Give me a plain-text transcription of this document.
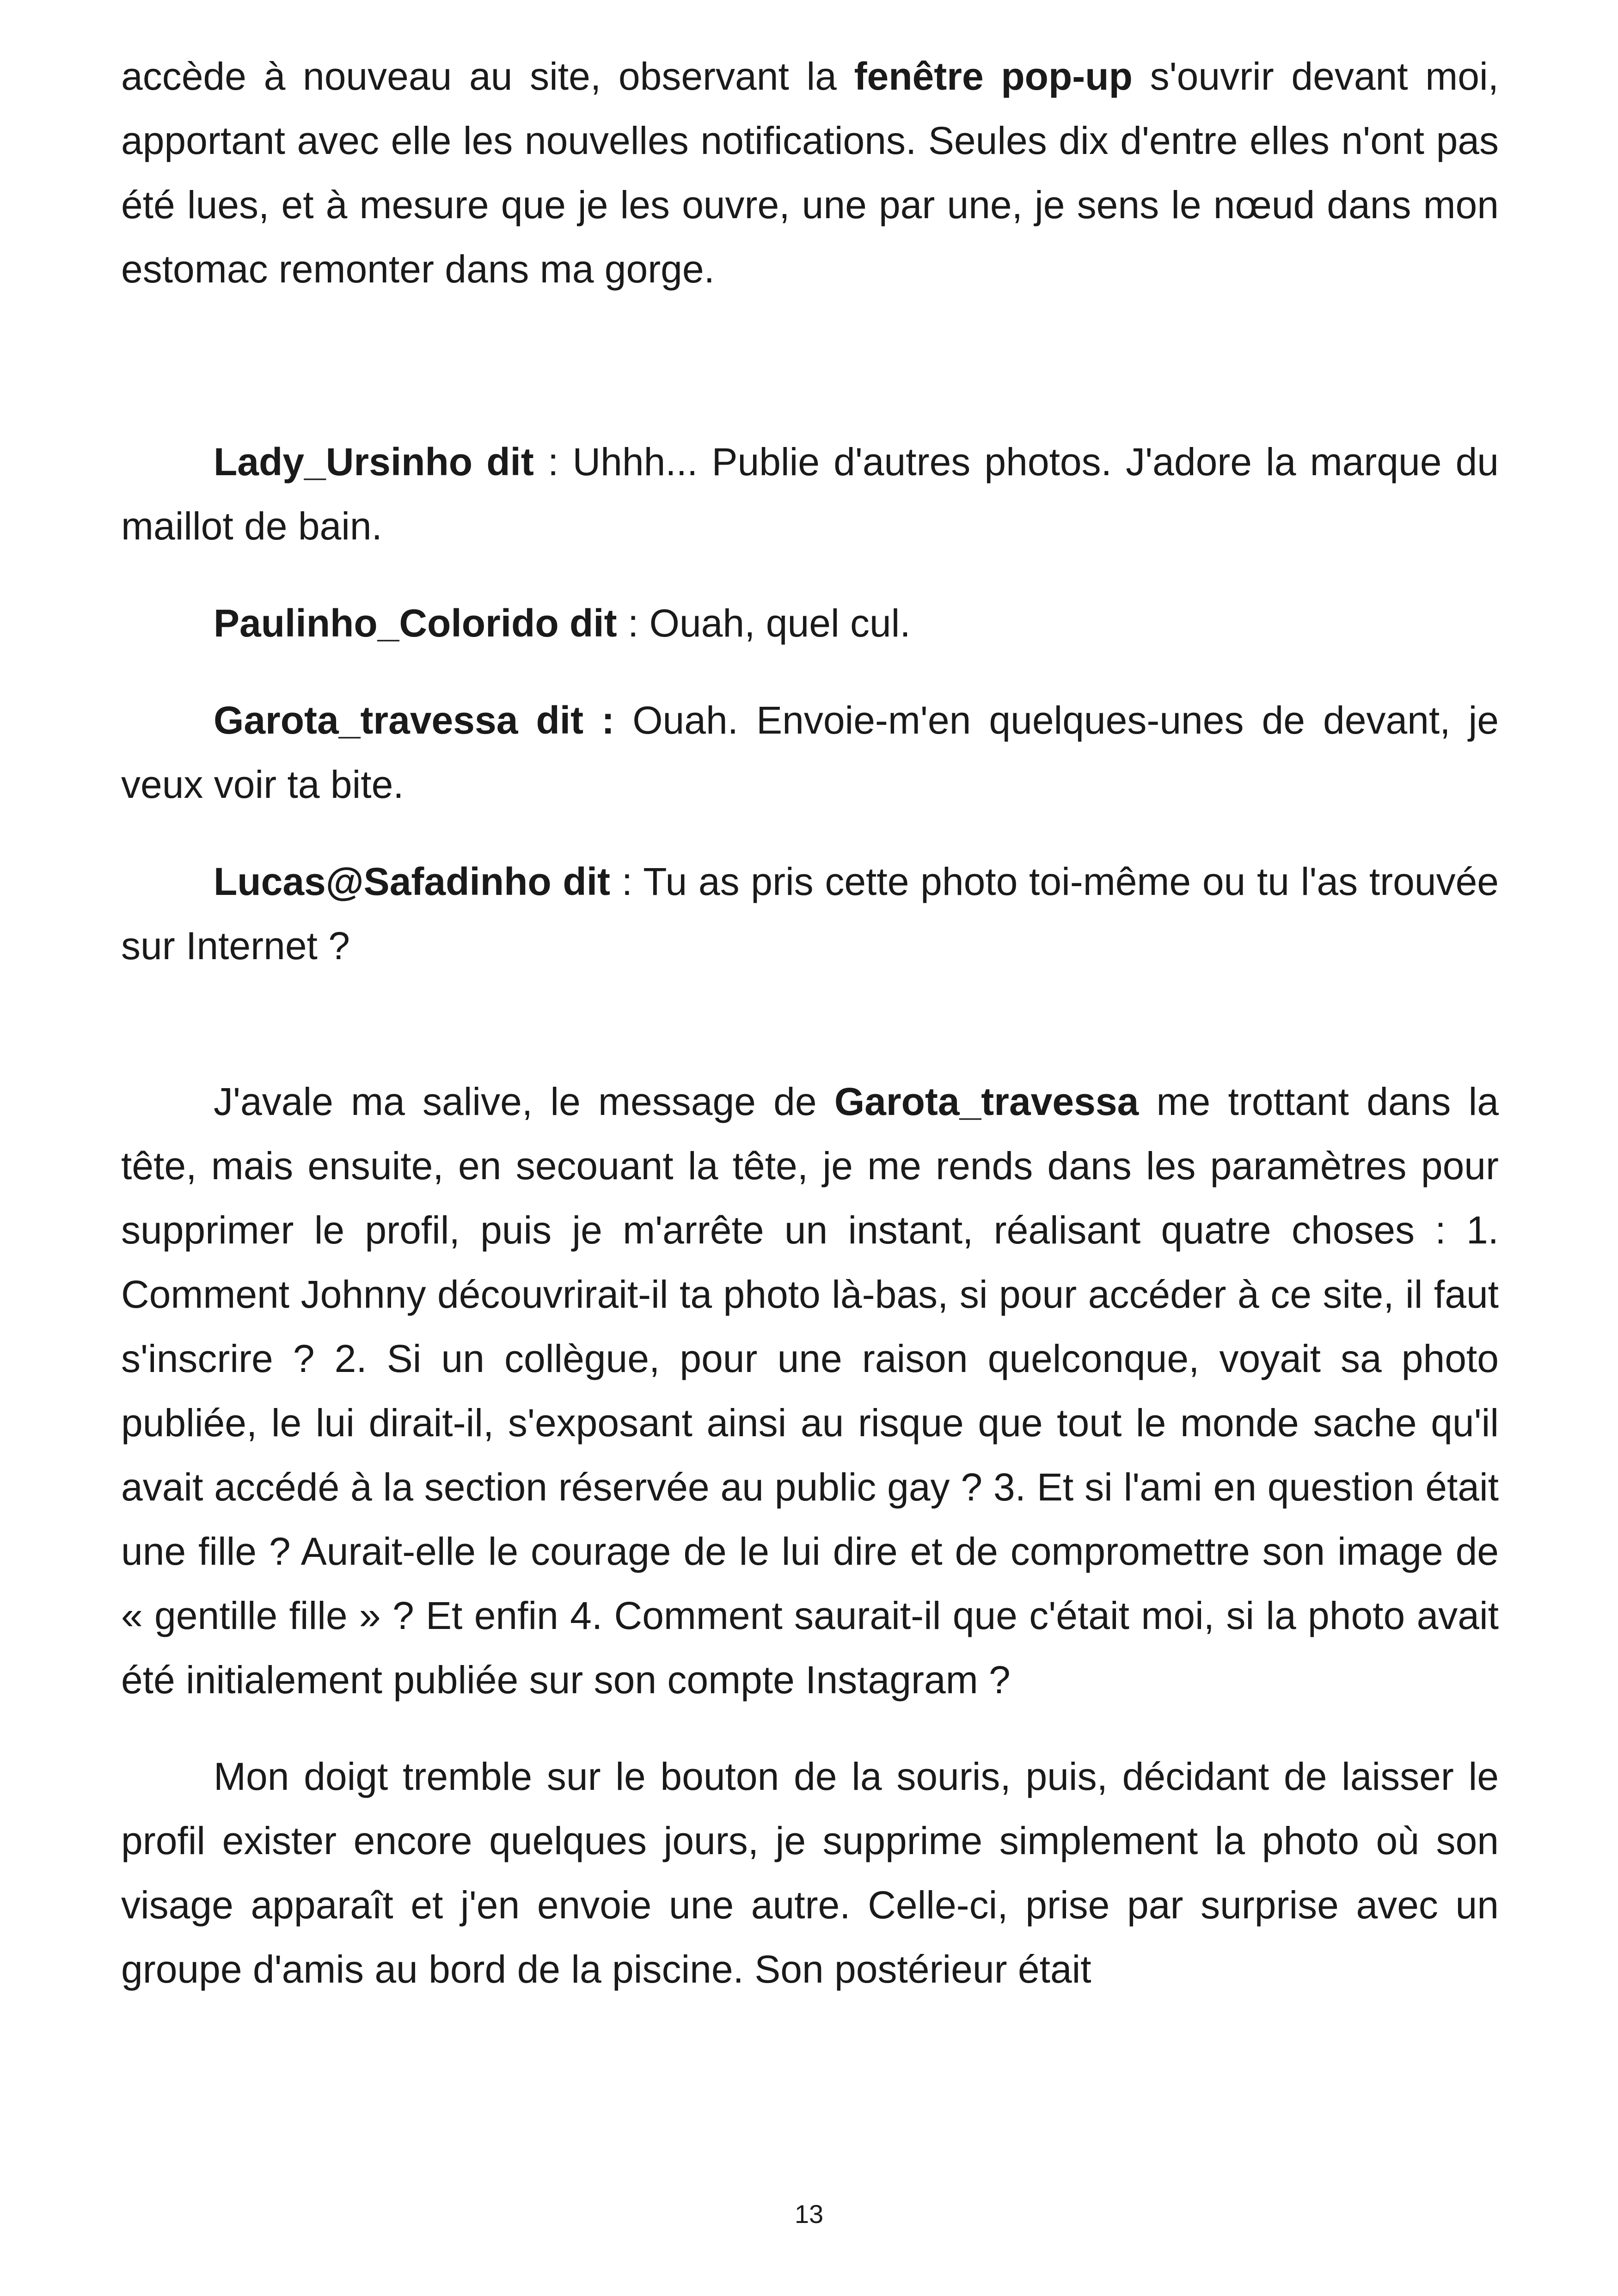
accède à nouveau au site, observant la fenêtre pop-up s'ouvrir devant moi, apportant avec elle les nouvelles notifications. Seules dix d'entre elles n'ont pas été lues, et à mesure que je les ouvre, une par une, je sens le nœud dans mon estomac remonter dans ma gorge.

Lady_Ursinho dit : Uhhh... Publie d'autres photos. J'adore la marque du maillot de bain.

Paulinho_Colorido dit : Ouah, quel cul.

Garota_travessa dit : Ouah. Envoie-m'en quelques-unes de devant, je veux voir ta bite.

Lucas@Safadinho dit : Tu as pris cette photo toi-même ou tu l'as trouvée sur Internet ?

J'avale ma salive, le message de Garota_travessa me trottant dans la tête, mais ensuite, en secouant la tête, je me rends dans les paramètres pour supprimer le profil, puis je m'arrête un instant, réalisant quatre choses : 1. Comment Johnny découvrirait-il ta photo là-bas, si pour accéder à ce site, il faut s'inscrire ? 2. Si un collègue, pour une raison quelconque, voyait sa photo publiée, le lui dirait-il, s'exposant ainsi au risque que tout le monde sache qu'il avait accédé à la section réservée au public gay ? 3. Et si l'ami en question était une fille ? Aurait-elle le courage de le lui dire et de compromettre son image de « gentille fille » ? Et enfin 4. Comment saurait-il que c'était moi, si la photo avait été initialement publiée sur son compte Instagram ?

Mon doigt tremble sur le bouton de la souris, puis, décidant de laisser le profil exister encore quelques jours, je supprime simplement la photo où son visage apparaît et j'en envoie une autre. Celle-ci, prise par surprise avec un groupe d'amis au bord de la piscine. Son postérieur était

13
